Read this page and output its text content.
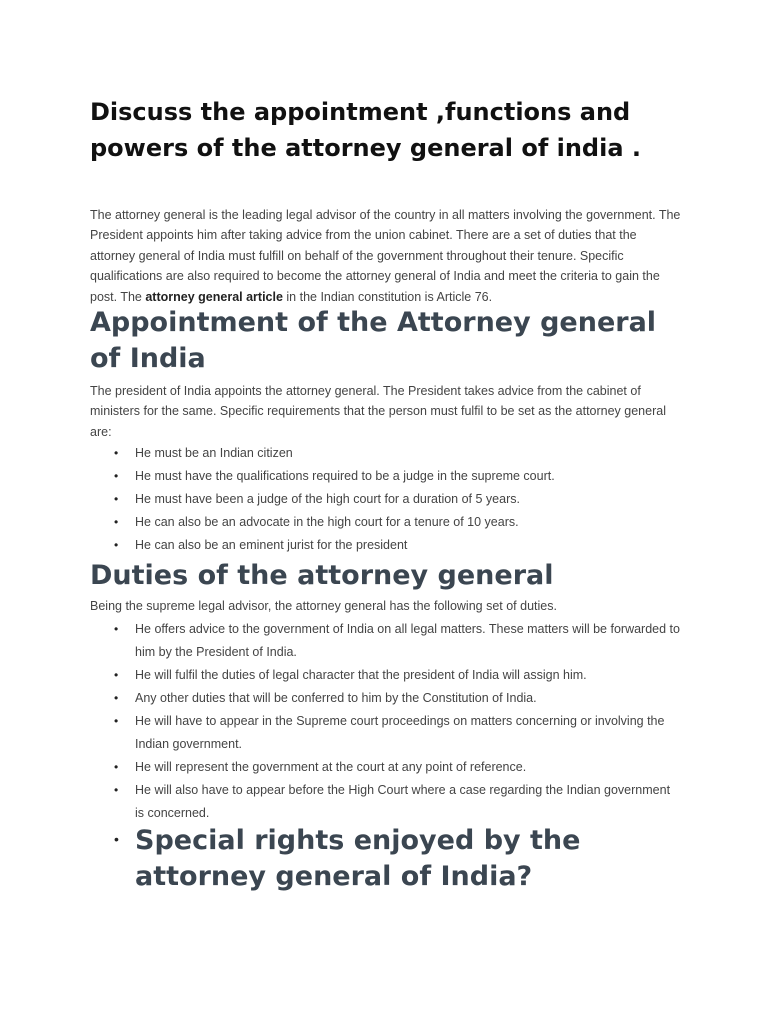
Discuss the appointment ,functions and powers of the attorney general of india .

The attorney general is the leading legal advisor of the country in all matters involving the government. The President appoints him after taking advice from the union cabinet. There are a set of duties that the attorney general of India must fulfill on behalf of the government throughout their tenure. Specific qualifications are also required to become the attorney general of India and meet the criteria to gain the post. The attorney general article in the Indian constitution is Article 76.

Appointment of the Attorney general of India

The president of India appoints the attorney general. The President takes advice from the cabinet of ministers for the same. Specific requirements that the person must fulfil to be set as the attorney general are:

• He must be an Indian citizen
• He must have the qualifications required to be a judge in the supreme court.
• He must have been a judge of the high court for a duration of 5 years.
• He can also be an advocate in the high court for a tenure of 10 years.
• He can also be an eminent jurist for the president
Duties of the attorney general

Being the supreme legal advisor, the attorney general has the following set of duties.

• He offers advice to the government of India on all legal matters. These matters will be forwarded to him by the President of India.
• He will fulfil the duties of legal character that the president of India will assign him.
• Any other duties that will be conferred to him by the Constitution of India.
• He will have to appear in the Supreme court proceedings on matters concerning or involving the Indian government.
• He will represent the government at the court at any point of reference.
• He will also have to appear before the High Court where a case regarding the Indian government is concerned.
• Special rights enjoyed by the attorney general of India?
